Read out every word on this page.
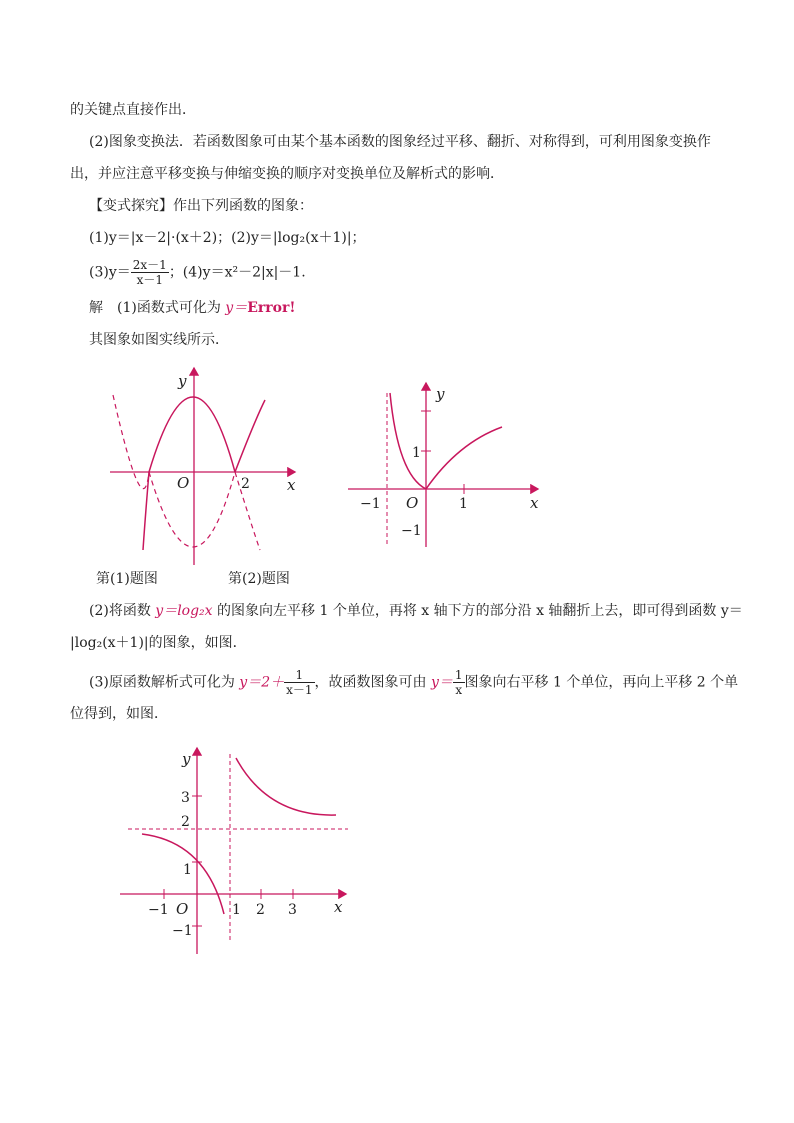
的关键点直接作出．
(2)图象变换法．若函数图象可由某个基本函数的图象经过平移、翻折、对称得到，可利用图象变换作
出，并应注意平移变换与伸缩变换的顺序对变换单位及解析式的影响．
【变式探究】作出下列函数的图象：
(1)y＝|x－2|·(x＋2)；(2)y＝|log₂(x＋1)|；
$(3)y= \frac{2x-1}{x-1}$ ；(4)y＝x²－2|x|－1.
解　(1)函数式可化为 y＝Error!
其图象如图实线所示．
y
x
O	2
y
x
O
−1	1
1
−1
第(1)题图	第(2)题图
(2)将函数 y＝log₂x 的图象向左平移 1 个单位，再将 x 轴下方的部分沿 x 轴翻折上去，即可得到函数 y＝
|log₂(x＋1)|的图象，如图．
(3)原函数解析式可化为 $y=2+ \frac{1}{x-1}$ ，故函数图象可由 $y= \frac{1}{x}$ 图象向右平移 1 个单位，再向上平移 2 个单
位得到，如图．
y
x
O
−1	1 2 3
3
2
1
−1
